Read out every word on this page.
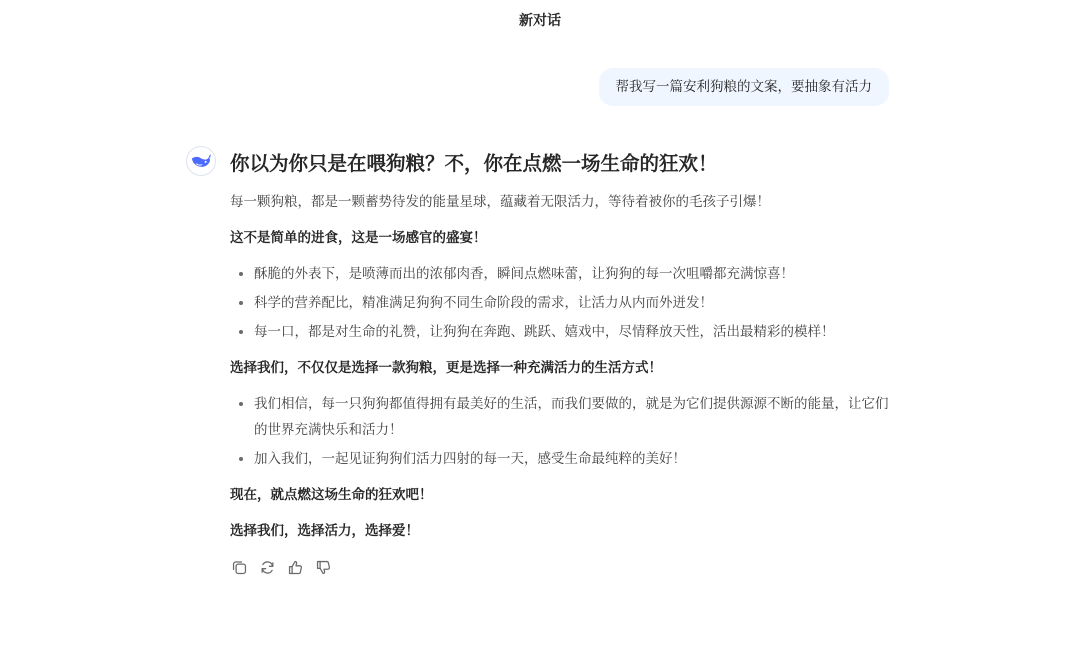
新对话
帮我写一篇安利狗粮的文案，要抽象有活力
你以为你只是在喂狗粮？不，你在点燃一场生命的狂欢！

每一颗狗粮，都是一颗蓄势待发的能量星球，蕴藏着无限活力，等待着被你的毛孩子引爆！

这不是简单的进食，这是一场感官的盛宴！

酥脆的外表下，是喷薄而出的浓郁肉香，瞬间点燃味蕾，让狗狗的每一次咀嚼都充满惊喜！
科学的营养配比，精准满足狗狗不同生命阶段的需求，让活力从内而外迸发！
每一口，都是对生命的礼赞，让狗狗在奔跑、跳跃、嬉戏中，尽情释放天性，活出最精彩的模样！

选择我们，不仅仅是选择一款狗粮，更是选择一种充满活力的生活方式！

我们相信，每一只狗狗都值得拥有最美好的生活，而我们要做的，就是为它们提供源源不断的能量，让它们的世界充满快乐和活力！
加入我们，一起见证狗狗们活力四射的每一天，感受生命最纯粹的美好！

现在，就点燃这场生命的狂欢吧！

选择我们，选择活力，选择爱！
